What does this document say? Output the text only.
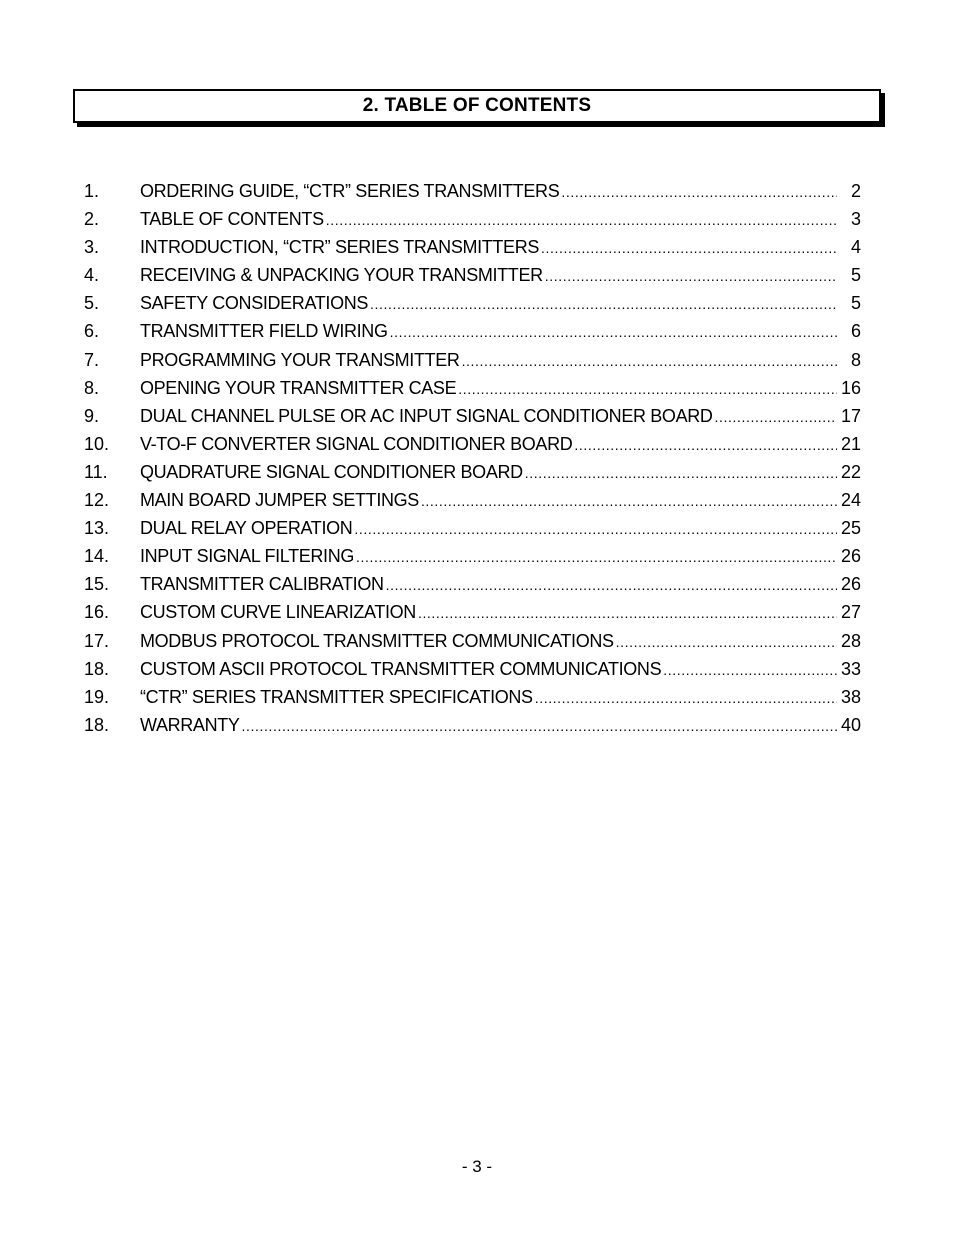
2. TABLE OF CONTENTS
1.	ORDERING GUIDE, “CTR” SERIES TRANSMITTERS .....	2
2.	TABLE OF CONTENTS .....	3
3.	INTRODUCTION, “CTR” SERIES TRANSMITTERS .....	4
4.	RECEIVING & UNPACKING YOUR TRANSMITTER .....	5
5.	SAFETY CONSIDERATIONS .....	5
6.	TRANSMITTER FIELD WIRING .....	6
7.	PROGRAMMING YOUR TRANSMITTER .....	8
8.	OPENING YOUR TRANSMITTER CASE .....	16
9.	DUAL CHANNEL PULSE OR AC INPUT SIGNAL CONDITIONER BOARD .....	17
10.	V-TO-F CONVERTER SIGNAL CONDITIONER BOARD .....	21
11.	QUADRATURE SIGNAL CONDITIONER BOARD .....	22
12.	MAIN BOARD JUMPER SETTINGS .....	24
13.	DUAL RELAY OPERATION .....	25
14.	INPUT SIGNAL FILTERING .....	26
15.	TRANSMITTER CALIBRATION .....	26
16.	CUSTOM CURVE LINEARIZATION .....	27
17.	MODBUS PROTOCOL TRANSMITTER COMMUNICATIONS .....	28
18.	CUSTOM ASCII PROTOCOL TRANSMITTER COMMUNICATIONS .....	33
19.	“CTR” SERIES TRANSMITTER SPECIFICATIONS .....	38
18.	WARRANTY .....	40
- 3 -
